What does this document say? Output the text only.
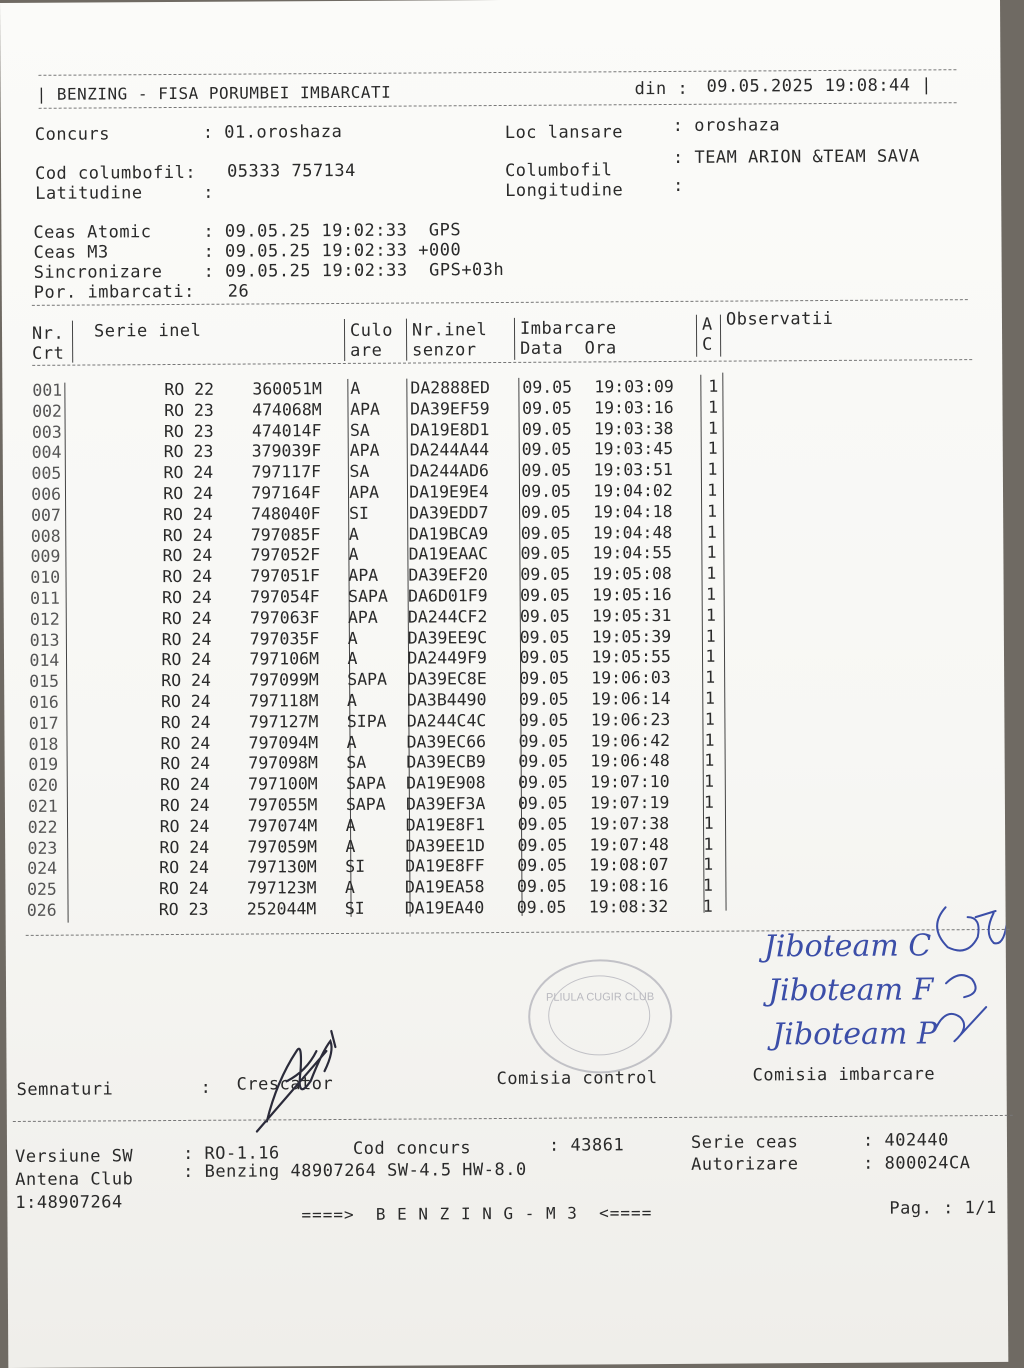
| BENZING - FISA PORUMBEI IMBARCATI	din : 09.05.2025 19:08:44 |
Concurs	: 01.oroshaza	Loc lansare	: oroshaza
Cod columbofil: 05333 757134	Columbofil
: TEAM ARION &TEAM SAVA
Latitudine	:	Longitudine	:
Ceas Atomic	: 09.05.25 19:02:33  GPS
Ceas M3	: 09.05.25 19:02:33 +000
Sincronizare : 09.05.25 19:02:33  GPS+03h
Por. imbarcati: 26
Nr.
Crt
Serie inel	Culo
are
Nr.inel
senzor
Imbarcare
Data  Ora
A
C
Observatii
001	RO 22 360051M A	DA2888ED 09.05 19:03:09 1
002	RO 23 474068M APA DA39EF59 09.05 19:03:16 1
003	RO 23 474014F SA DA19E8D1 09.05 19:03:38 1
004	RO 23 379039F APA DA244A44 09.05 19:03:45 1
005	RO 24 797117F SA DA244AD6 09.05 19:03:51 1
006	RO 24 797164F APA DA19E9E4 09.05 19:04:02 1
007	RO 24 748040F SI DA39EDD7 09.05 19:04:18 1
008	RO 24 797085F A	DA19BCA9 09.05 19:04:48 1
009	RO 24 797052F A	DA19EAAC 09.05 19:04:55 1
010	RO 24 797051F APA DA39EF20 09.05 19:05:08 1
011	RO 24 797054F SAPA DA6D01F9 09.05 19:05:16 1
012	RO 24 797063F APA DA244CF2 09.05 19:05:31 1
013	RO 24 797035F A	DA39EE9C 09.05 19:05:39 1
014	RO 24 797106M A	DA2449F9 09.05 19:05:55 1
015	RO 24 797099M SAPA DA39EC8E 09.05 19:06:03 1
016	RO 24 797118M A	DA3B4490 09.05 19:06:14 1
017	RO 24 797127M SIPA DA244C4C 09.05 19:06:23 1
018	RO 24 797094M A	DA39EC66 09.05 19:06:42 1
019	RO 24 797098M SA DA39ECB9 09.05 19:06:48 1
020	RO 24 797100M SAPA DA19E908 09.05 19:07:10 1
021	RO 24 797055M SAPA DA39EF3A 09.05 19:07:19 1
022	RO 24 797074M A	DA19E8F1 09.05 19:07:38 1
023	RO 24 797059M A	DA39EE1D 09.05 19:07:48 1
024	RO 24 797130M SI DA19E8FF 09.05 19:08:07 1
025	RO 24 797123M A	DA19EA58 09.05 19:08:16 1
026	RO 23 252044M SI DA19EA40 09.05 19:08:32 1
Jiboteam C
Jiboteam F
Jiboteam P
PLIULA CUGIR CLUB
Semnaturi	: Crescator	Comisia control	Comisia imbarcare
Versiune SW	: RO-1.16	Cod concurs	: 43861	Serie ceas	: 402440
Antena Club	: Benzing 48907264 SW-4.5 HW-8.0	Autorizare	: 800024CA
1:48907264
====>  B E N Z I N G - M 3  <====	Pag. : 1/1
